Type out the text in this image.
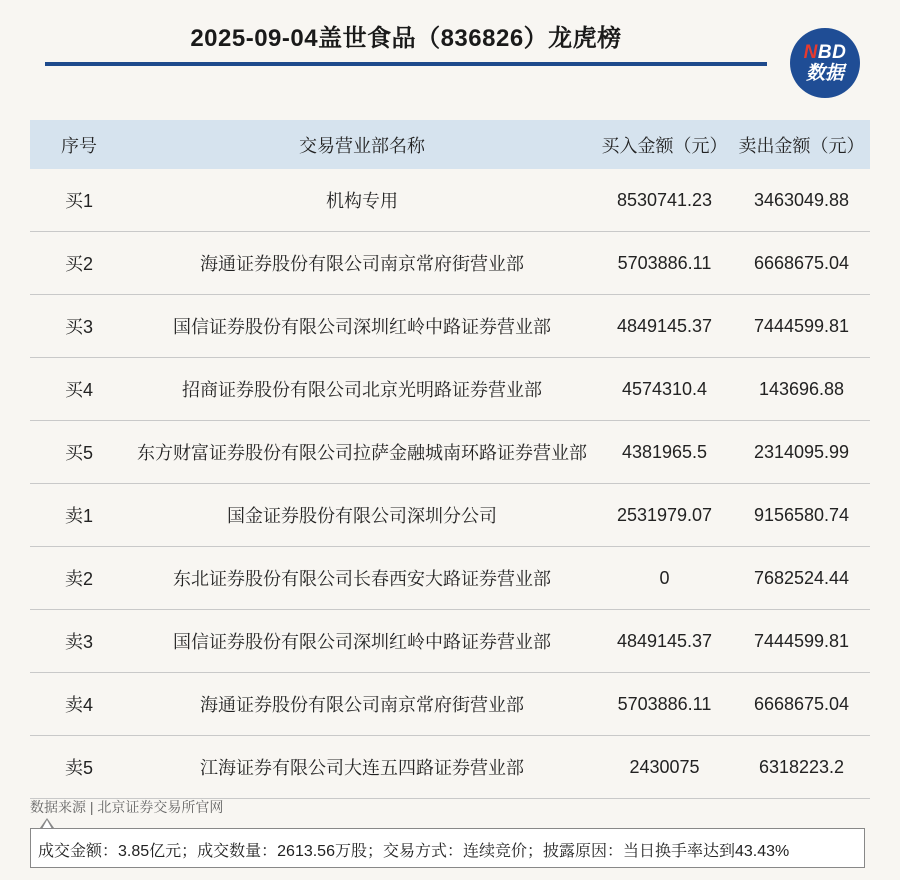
2025-09-04盖世食品（836826）龙虎榜
NBD
数据
序号	交易营业部名称	买入金额（元）	卖出金额（元）
买1	机构专用	8530741.23	3463049.88
买2	海通证券股份有限公司南京常府街营业部	5703886.11	6668675.04
买3	国信证券股份有限公司深圳红岭中路证券营业部	4849145.37	7444599.81
买4	招商证券股份有限公司北京光明路证券营业部	4574310.4	143696.88
买5	东方财富证券股份有限公司拉萨金融城南环路证券营业部	4381965.5	2314095.99
卖1	国金证券股份有限公司深圳分公司	2531979.07	9156580.74
卖2	东北证券股份有限公司长春西安大路证券营业部	0	7682524.44
卖3	国信证券股份有限公司深圳红岭中路证券营业部	4849145.37	7444599.81
卖4	海通证券股份有限公司南京常府街营业部	5703886.11	6668675.04
卖5	江海证券有限公司大连五四路证券营业部	2430075	6318223.2
数据来源 | 北京证券交易所官网
成交金额：3.85亿元；成交数量：2613.56万股；交易方式：连续竞价；披露原因：当日换手率达到43.43%
